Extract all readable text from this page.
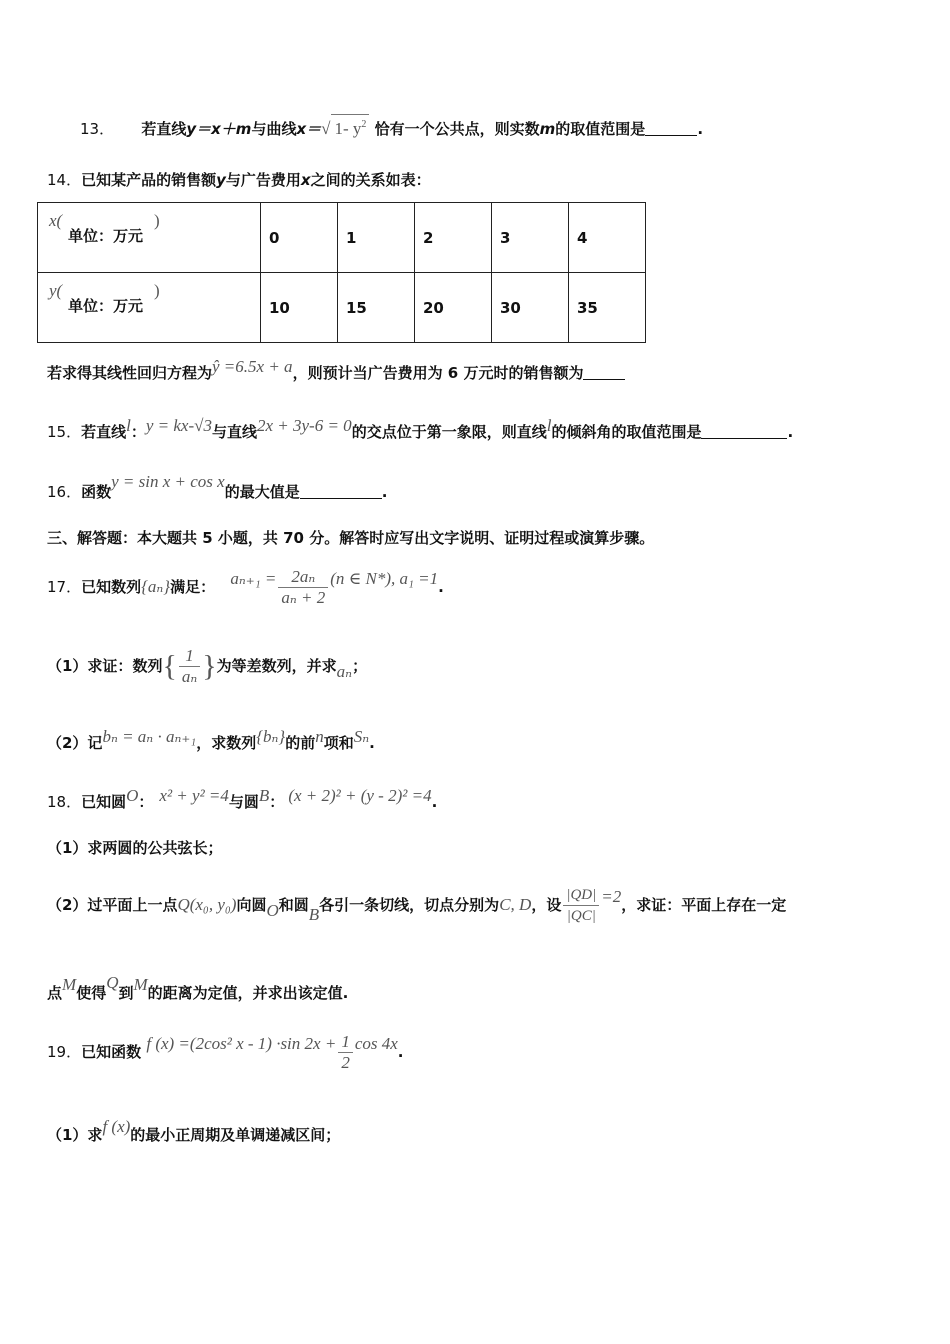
13． 若直线y＝x＋m与曲线x＝√ 1- $y^2$ 恰有一个公共点，则实数m的取值范围是	.
14．已知某产品的销售额y与广告费用x之间的关系如表：
x(
单位：万元
)	0	1	2	3	4

y(
单位：万元
)	10	15	20	30	35
若求得其线性回归方程为ŷ =6.5x + a，则预计当广告费用为 6 万元时的销售额为
15．若直线l：y = kx-√3与直线2x + 3y-6 = 0的交点位于第一象限，则直线l的倾斜角的取值范围是	.
16．函数y = sin x + cos x的最大值是	.
三、解答题：本大题共 5 小题，共 70 分。解答时应写出文字说明、证明过程或演算步骤。
17．已知数列{aₙ}满足： $a_{n+1} = \frac{\text{2aₙ}}{\text{aₙ + 2}} (n$ ∈ N*), a₁ =1.
（1）求证：数列{ $\frac{1}{\text{aₙ}}$ }为等差数列，并求aₙ；
（2）记bₙ = aₙ · aₙ₊₁，求数列{bₙ}的前n项和Sₙ.
18．已知圆O： x² + y² =4与圆B： (x + 2)² + (y - 2)² =4.
（1）求两圆的公共弦长；
（2）过平面上一点Q(x₀, y₀)向圆O和圆B各引一条切线，切点分别为C, D，设 $\frac{|QD|}{|QC|} =2$，求证：平面上存在一定
点M使得Q到M的距离为定值，并求出该定值.
19．已知函数 f (x) =(2cos² x - 1) ·sin $2x + \frac{1}{2}$ cos 4x.
（1）求f (x)的最小正周期及单调递减区间；
